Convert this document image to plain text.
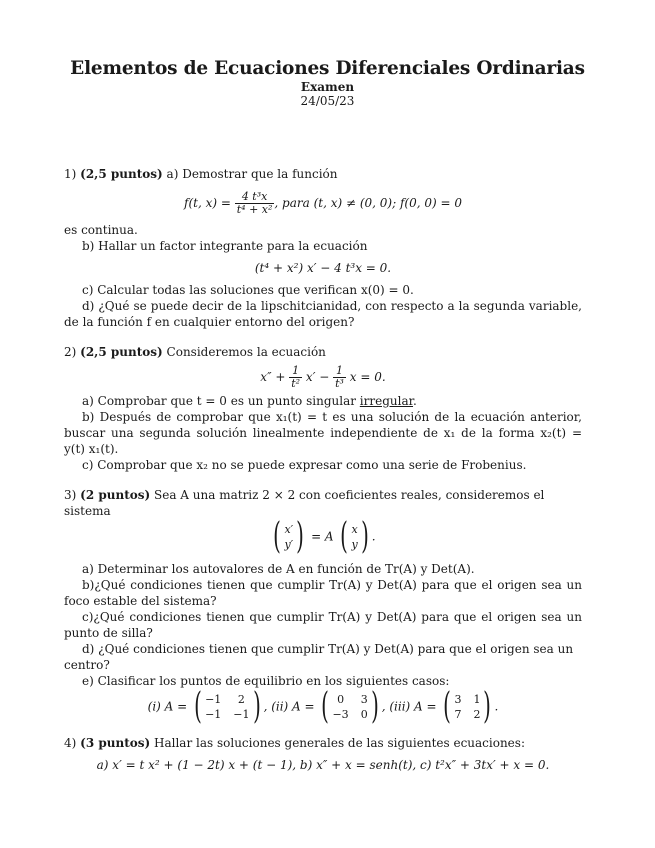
Elementos de Ecuaciones Diferenciales Ordinarias
Examen
24/05/23

1) (2,5 puntos) a) Demostrar que la función

f(t, $x) = \frac{\text{4 t³x}}{\text{t⁴ + x²}}$ , para (t, x) ≠ (0, 0); f(0, 0) = 0

es continua.

b) Hallar un factor integrante para la ecuación

(t⁴ + x²) x′ − 4 t³x = 0.

c) Calcular todas las soluciones que verifican x(0) = 0.

d) ¿Qué se puede decir de la lipschitcianidad, con respecto a la segunda variable, de la función f en cualquier entorno del origen?

2) (2,5 puntos) Consideremos la ecuación

$x'' + \frac{1}{\text{t²}} x' - \frac{1}{\text{t³}}$ x = 0.

a) Comprobar que t = 0 es un punto singular irregular.

b) Después de comprobar que x₁(t) = t es una solución de la ecuación anterior, buscar una segunda solución linealmente independiente de x₁ de la forma x₂(t) = y(t) x₁(t).

c) Comprobar que x₂ no se puede expresar como una serie de Frobenius.

3) (2 puntos) Sea A una matriz 2 × 2 con coeficientes reales, consideremos el sistema

( x′
y′ ) = A ( x
y ) .

a) Determinar los autovalores de A en función de Tr(A) y Det(A).

b)¿Qué condiciones tienen que cumplir Tr(A) y Det(A) para que el origen sea un foco estable del sistema?

c)¿Qué condiciones tienen que cumplir Tr(A) y Det(A) para que el origen sea un punto de silla?

d) ¿Qué condiciones tienen que cumplir Tr(A) y Det(A) para que el origen sea un centro?

e) Clasificar los puntos de equilibrio en los siguientes casos:

(i) A = ( −1	2
−1 −1 ) , (ii) A = ( 0	3
−3 0 ) , (iii) A = ( 3 1
7 2 ) .

4) (3 puntos) Hallar las soluciones generales de las siguientes ecuaciones:

a) x′ = t x² + (1 − 2t) x + (t − 1), b) x″ + x = senh(t), c) t²x″ + 3tx′ + x = 0.
